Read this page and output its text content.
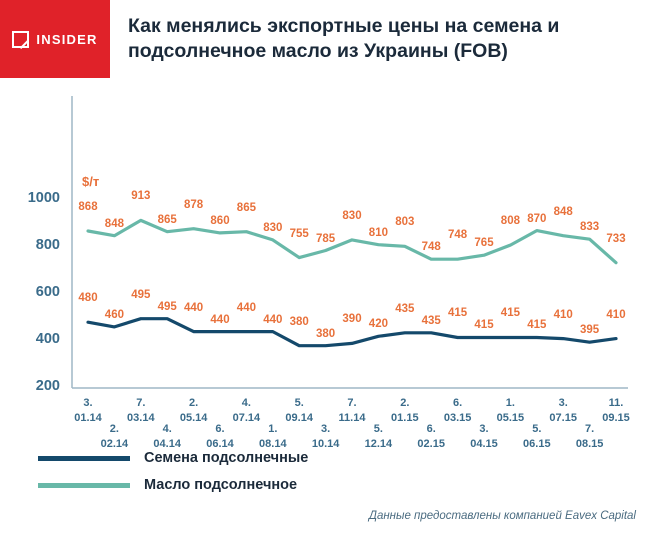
INSIDER
Как менялись экспортные цены на семена и подсолнечное масло из Украины (FOB)
$/т
200
400
600
800
1000
3.
01.14
2.
02.14
7.
03.14
4.
04.14
2.
05.14
6.
06.14
4.
07.14
1.
08.14
5.
09.14
3.
10.14
7.
11.14
5.
12.14
2.
01.15
6.
02.15
6.
03.15
3.
04.15
1.
05.15
5.
06.15
3.
07.15
7.
08.15
11.
09.15
868
848
913
865
878
860
865
830 755 785
830
810
803
748
748
765
808 870
848
833
733
480
460
495
495 440
440
440
440 380
380
390 420
435
435
415
415
415
415
410
395
410
Семена подсолнечные
Масло подсолнечное
Данные предоставлены компанией Eavex Capital
